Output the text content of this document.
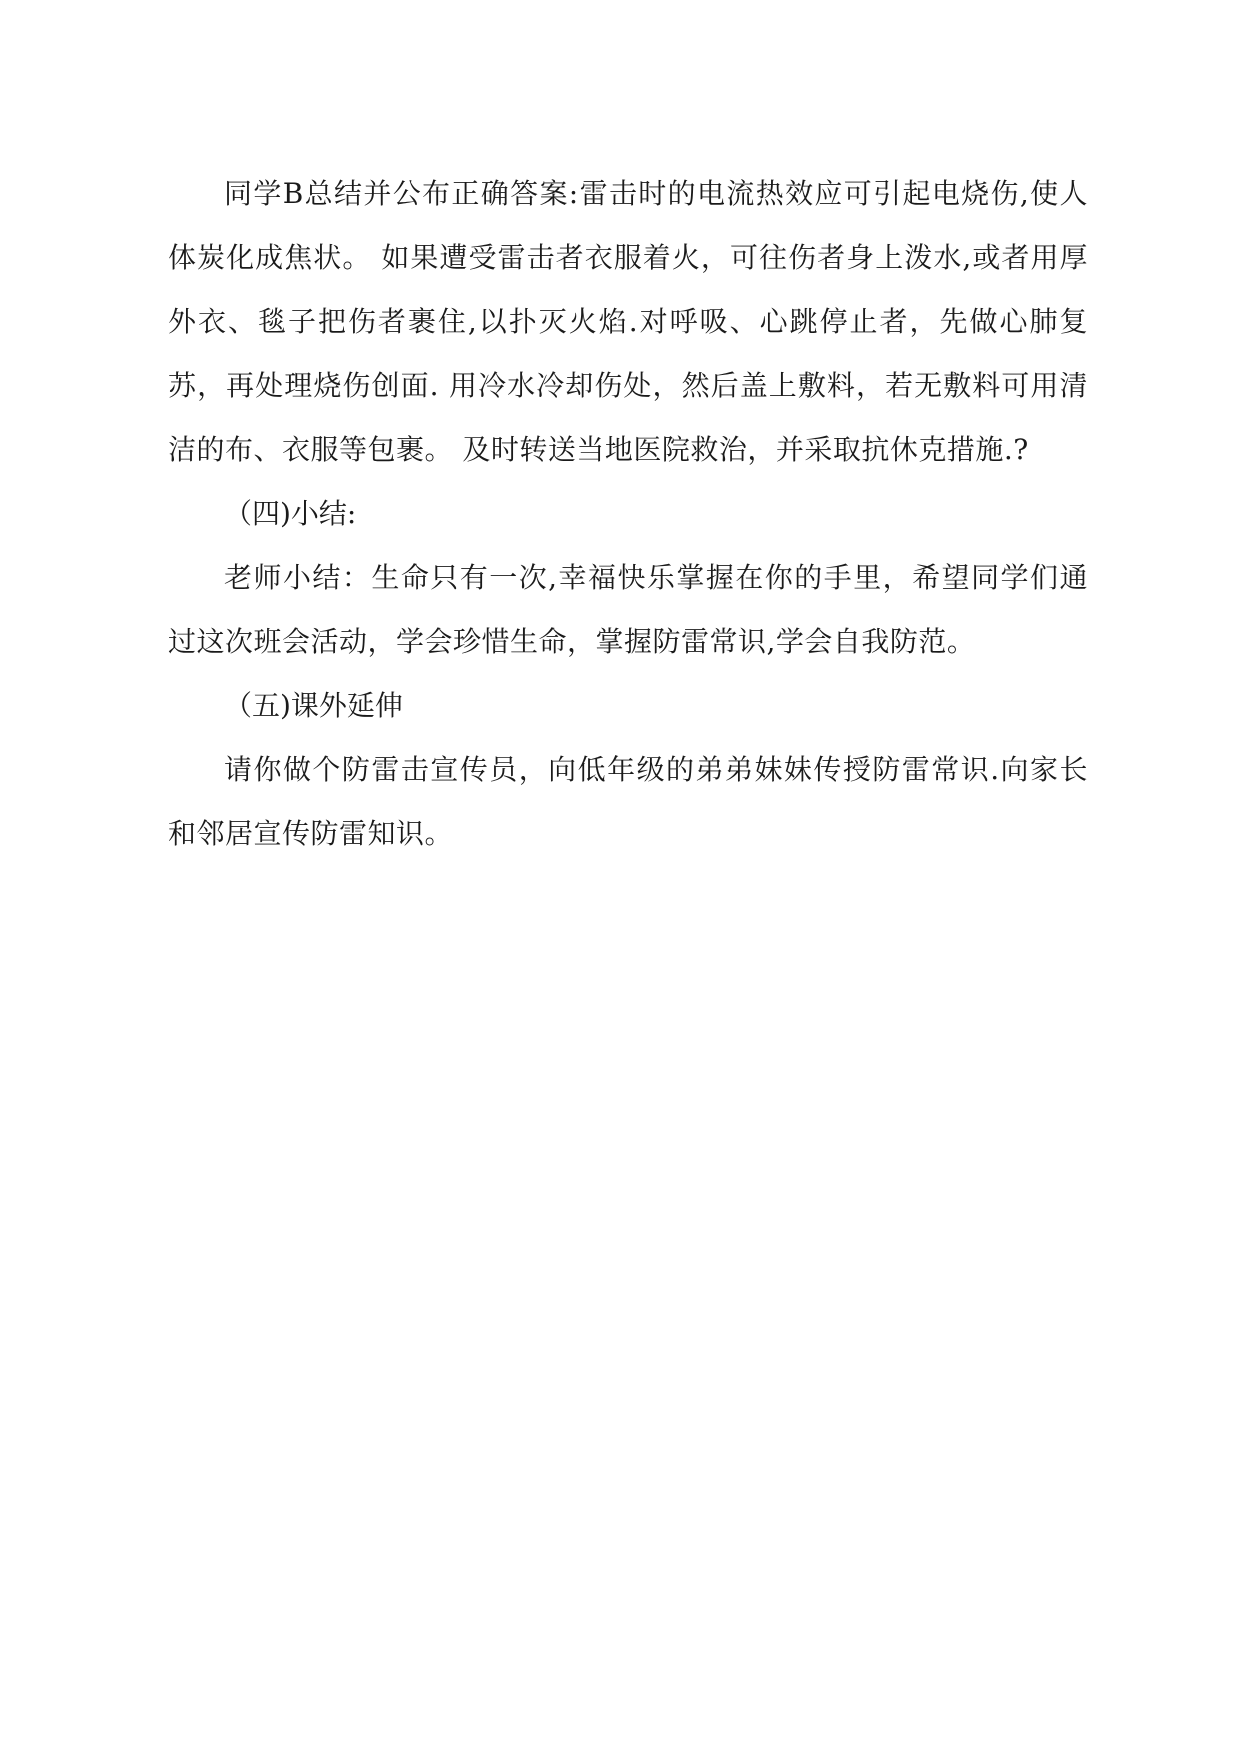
同学B总结并公布正确答案:雷击时的电流热效应可引起电烧伤,使人体炭化成焦状。 如果遭受雷击者衣服着火，可往伤者身上泼水,或者用厚外衣、毯子把伤者裹住,以扑灭火焰.对呼吸、心跳停止者，先做心肺复苏，再处理烧伤创面. 用冷水冷却伤处，然后盖上敷料，若无敷料可用清洁的布、衣服等包裹。 及时转送当地医院救治，并采取抗休克措施.?

（四)小结:

老师小结：生命只有一次,幸福快乐掌握在你的手里，希望同学们通过这次班会活动，学会珍惜生命，掌握防雷常识,学会自我防范。

（五)课外延伸

请你做个防雷击宣传员，向低年级的弟弟妹妹传授防雷常识.向家长和邻居宣传防雷知识。
